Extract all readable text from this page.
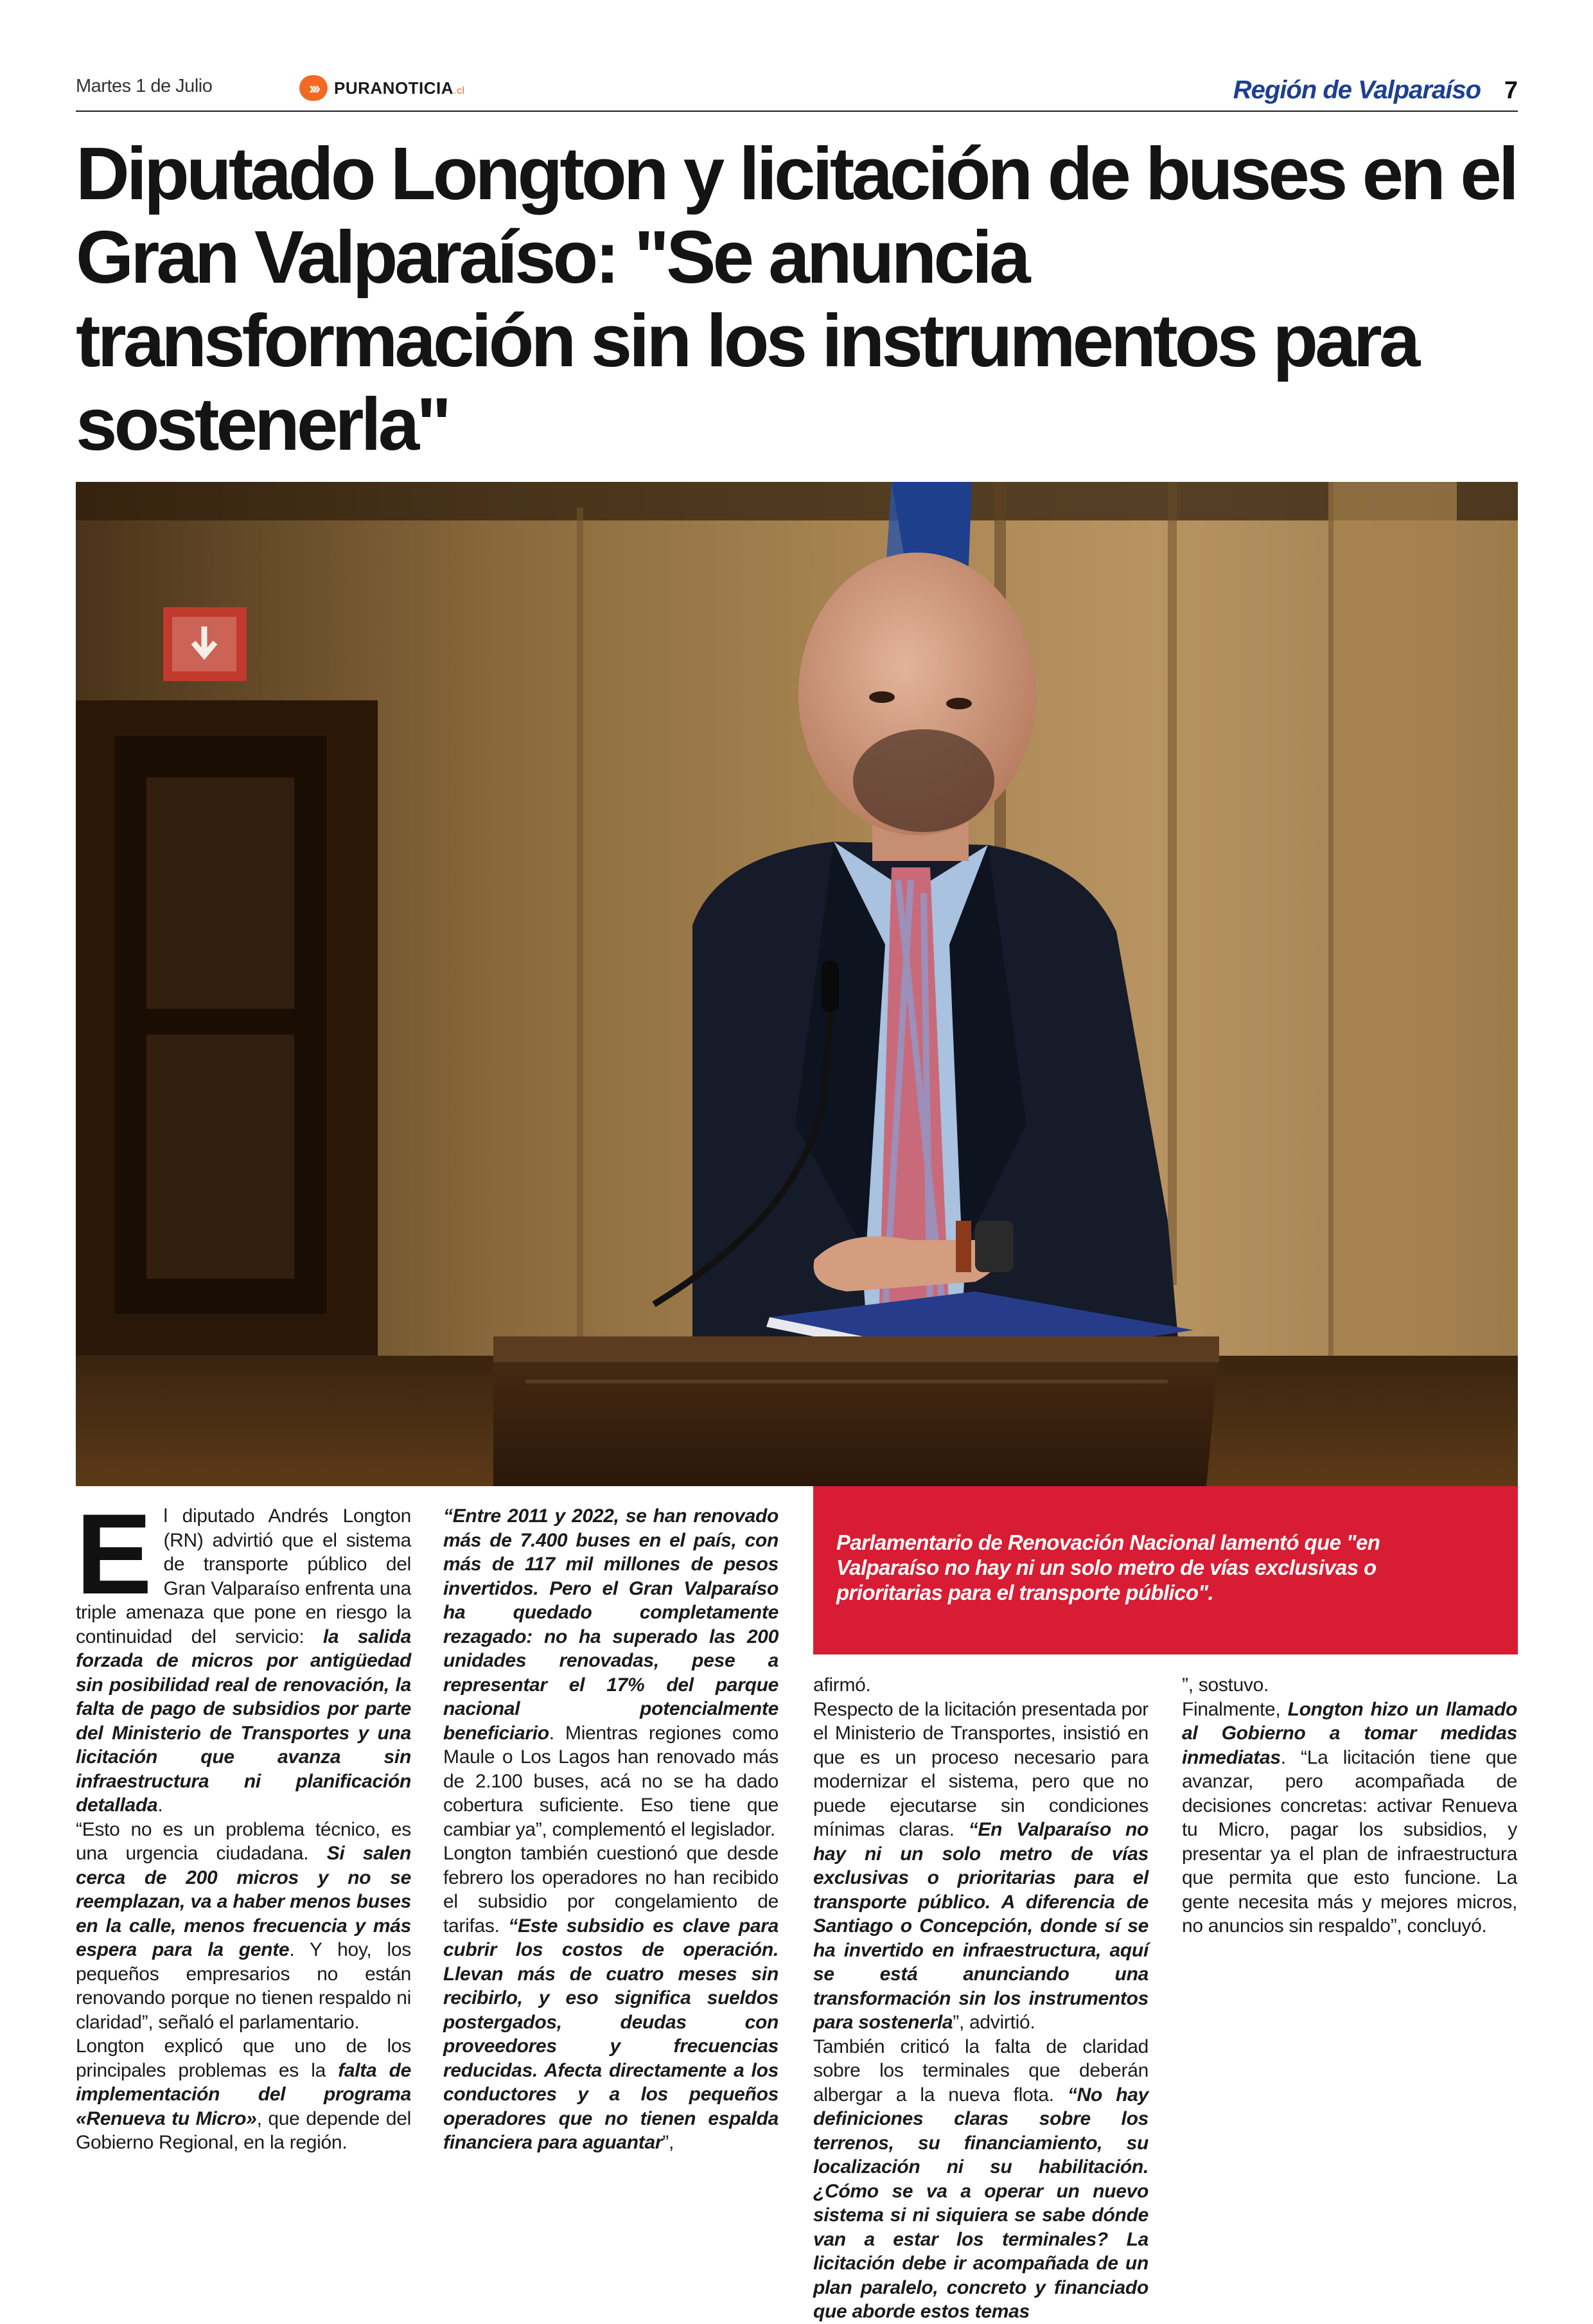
Martes 1 de Julio	››› PURANOTICIA.cl	Región de Valparaíso 7
Diputado Longton y licitación de buses en el Gran Valparaíso: "Se anuncia transformación sin los instrumentos para sostenerla"

Parlamentario de Renovación Nacional lamentó que "en Valparaíso no hay ni un solo metro de vías exclusivas o prioritarias para el transporte público".

E l diputado Andrés Longton (RN) advirtió que el sistema de transporte público del Gran Valparaíso enfrenta una triple amenaza que pone en riesgo la continuidad del servicio: la salida forzada de micros por antigüedad sin posibilidad real de renovación, la falta de pago de subsidios por parte del Ministerio de Transportes y una licitación que avanza sin infraestructura ni planificación detallada.

“Esto no es un problema técnico, es una urgencia ciudadana. Si salen cerca de 200 micros y no se reemplazan, va a haber menos buses en la calle, menos frecuencia y más espera para la gente. Y hoy, los pequeños empresarios no están renovando porque no tienen respaldo ni claridad”, señaló el parlamentario.

Longton explicó que uno de los principales problemas es la falta de implementación del programa «Renueva tu Micro», que depende del Gobierno Regional, en la región.

“Entre 2011 y 2022, se han renovado más de 7.400 buses en el país, con más de 117 mil millones de pesos invertidos. Pero el Gran Valparaíso ha quedado completamente rezagado: no ha superado las 200 unidades renovadas, pese a representar el 17% del parque nacional potencialmente beneficiario. Mientras regiones como Maule o Los Lagos han renovado más de 2.100 buses, acá no se ha dado cobertura suficiente. Eso tiene que cambiar ya”, complementó el legislador.

Longton también cuestionó que desde febrero los operadores no han recibido el subsidio por congelamiento de tarifas. “Este subsidio es clave para cubrir los costos de operación. Llevan más de cuatro meses sin recibirlo, y eso significa sueldos postergados, deudas con proveedores y frecuencias reducidas. Afecta directamente a los conductores y a los pequeños operadores que no tienen espalda financiera para aguantar”,

afirmó.

Respecto de la licitación presentada por el Ministerio de Transportes, insistió en que es un proceso necesario para modernizar el sistema, pero que no puede ejecutarse sin condiciones mínimas claras. “En Valparaíso no hay ni un solo metro de vías exclusivas o prioritarias para el transporte público. A diferencia de Santiago o Concepción, donde sí se ha invertido en infraestructura, aquí se está anunciando una transformación sin los instrumentos para sostenerla”, advirtió.

También criticó la falta de claridad sobre los terminales que deberán albergar a la nueva flota. “No hay definiciones claras sobre los terrenos, su financiamiento, su localización ni su habilitación. ¿Cómo se va a operar un nuevo sistema si ni siquiera se sabe dónde van a estar los terminales? La licitación debe ir acompañada de un plan paralelo, concreto y financiado que aborde estos temas

”, sostuvo.

Finalmente, Longton hizo un llamado al Gobierno a tomar medidas inmediatas. “La licitación tiene que avanzar, pero acompañada de decisiones concretas: activar Renueva tu Micro, pagar los subsidios, y presentar ya el plan de infraestructura que permita que esto funcione. La gente necesita más y mejores micros, no anuncios sin respaldo”, concluyó.
